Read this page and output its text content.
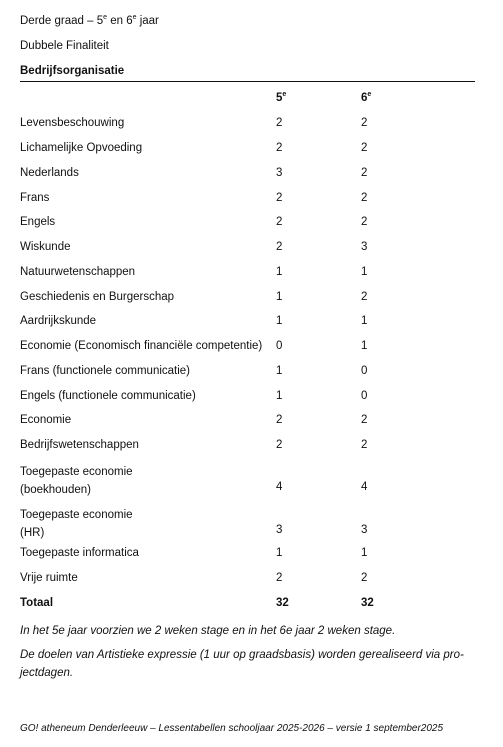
Derde graad – 5e en 6e jaar
Dubbele Finaliteit
Bedrijfsorganisatie
5e	6e
Levensbeschouwing	2	2
Lichamelijke Opvoeding	2	2
Nederlands	3	2
Frans	2	2
Engels	2	2
Wiskunde	2	3
Natuurwetenschappen	1	1
Geschiedenis en Burgerschap	1	2
Aardrijkskunde	1	1
Economie (Economisch financiële competentie) 0	1
Frans (functionele communicatie)	1	0
Engels (functionele communicatie)	1	0
Economie	2	2
Bedrijfswetenschappen	2	2
Toegepaste economie
(boekhouden)	4	4
Toegepaste economie
(HR)	3	3
Toegepaste informatica	1	1
Vrije ruimte	2	2
Totaal	32	32
In het 5e jaar voorzien we 2 weken stage en in het 6e jaar 2 weken stage.
De doelen van Artistieke expressie (1 uur op graadsbasis) worden gerealiseerd via pro-
jectdagen.
GO! atheneum Denderleeuw – Lessentabellen schooljaar 2025-2026 – versie 1 september2025
